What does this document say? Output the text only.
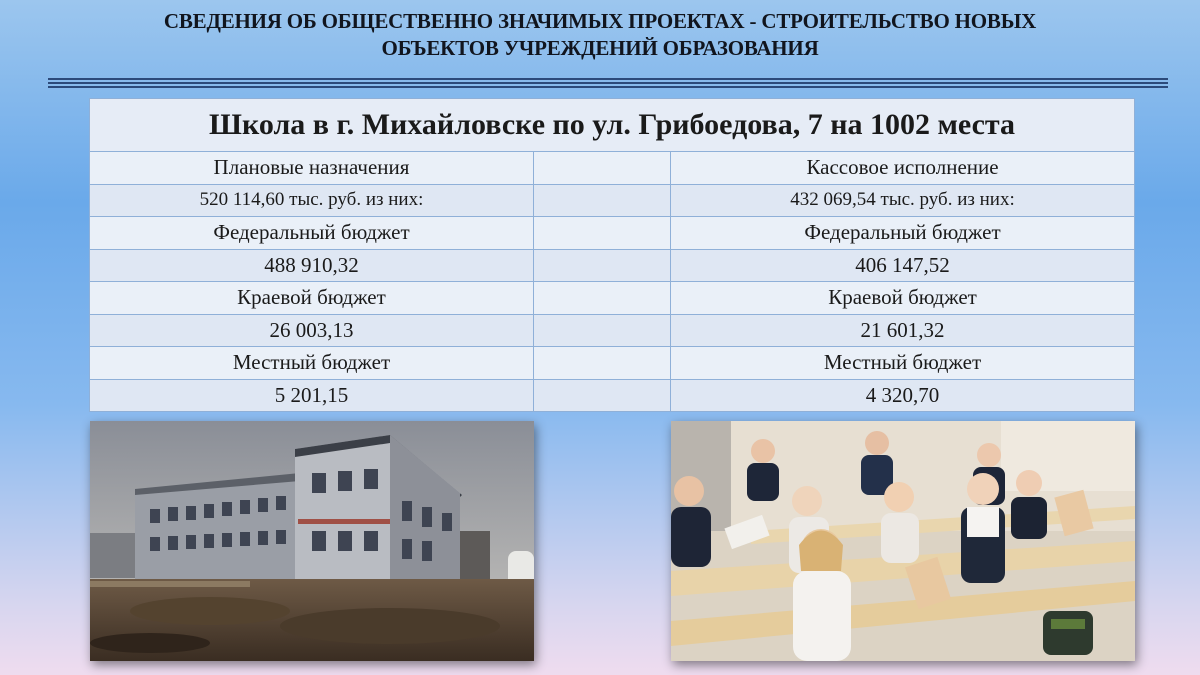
СВЕДЕНИЯ ОБ ОБЩЕСТВЕННО ЗНАЧИМЫХ ПРОЕКТАХ - СТРОИТЕЛЬСТВО НОВЫХ
ОБЪЕКТОВ УЧРЕЖДЕНИЙ ОБРАЗОВАНИЯ
Школа в г. Михайловске по ул. Грибоедова, 7 на 1002 места		
Плановые назначения		Кассовое исполнение
520 114,60 тыс. руб. из них:		432 069,54 тыс. руб. из них:
Федеральный бюджет		Федеральный бюджет
488 910,32		406 147,52
Краевой бюджет		Краевой бюджет
26 003,13		21 601,32
Местный бюджет		Местный бюджет
5 201,15		4 320,70
